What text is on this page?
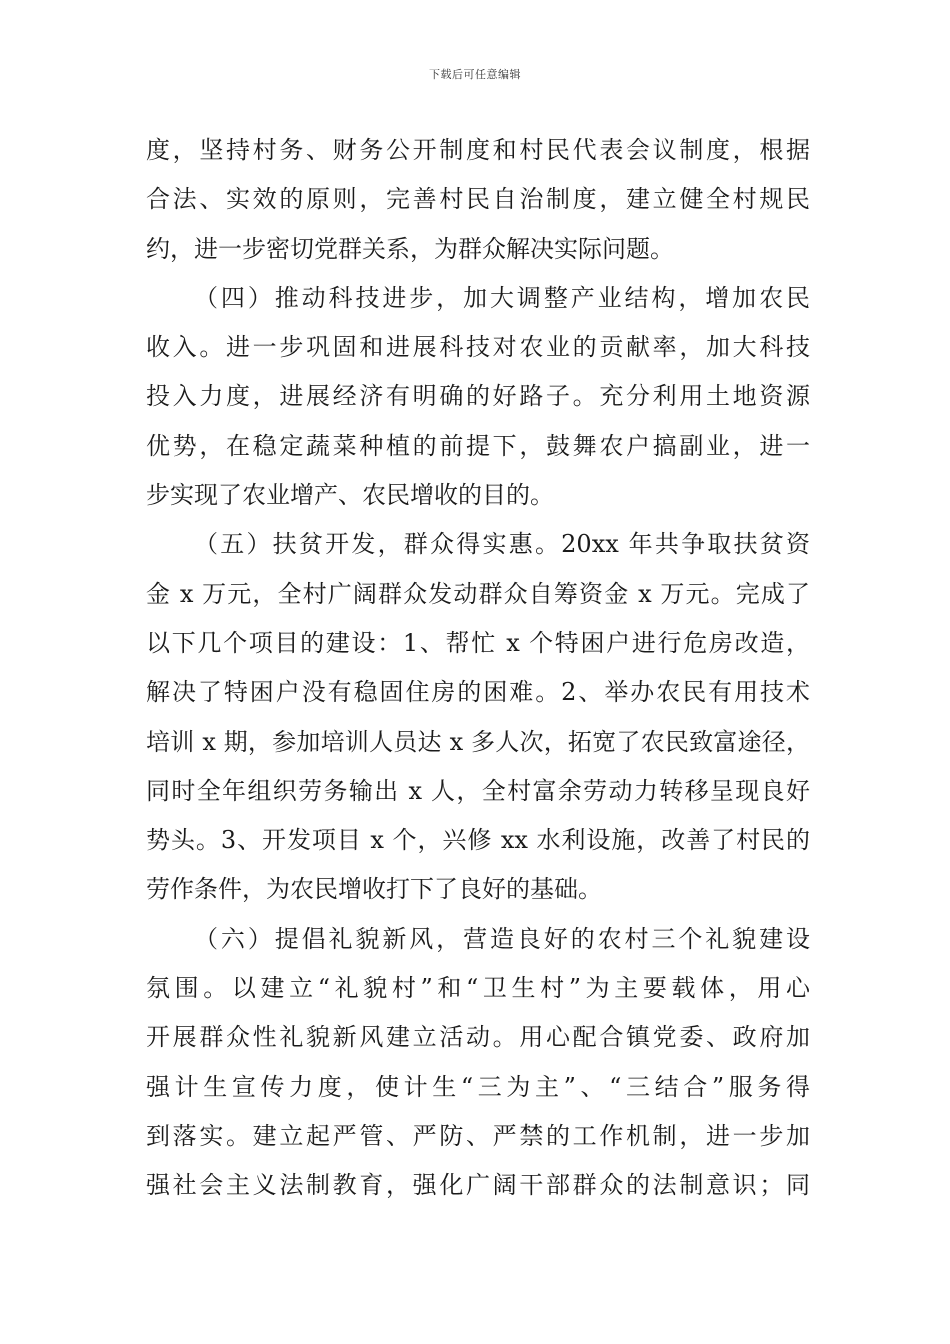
下载后可任意编辑
度，坚持村务、财务公开制度和村民代表会议制度，根据
合法、实效的原则，完善村民自治制度，建立健全村规民
约，进一步密切党群关系，为群众解决实际问题。
（四）推动科技进步，加大调整产业结构，增加农民
收入。进一步巩固和进展科技对农业的贡献率，加大科技
投入力度，进展经济有明确的好路子。充分利用土地资源
优势，在稳定蔬菜种植的前提下，鼓舞农户搞副业，进一
步实现了农业增产、农民增收的目的。
（五）扶贫开发，群众得实惠。20xx 年共争取扶贫资
金 x 万元，全村广阔群众发动群众自筹资金 x 万元。完成了
以下几个项目的建设：1、帮忙 x 个特困户进行危房改造，
解决了特困户没有稳固住房的困难。2、举办农民有用技术
培训 x 期，参加培训人员达 x 多人次，拓宽了农民致富途径，
同时全年组织劳务输出 x 人，全村富余劳动力转移呈现良好
势头。3、开发项目 x 个，兴修 xx 水利设施，改善了村民的
劳作条件，为农民增收打下了良好的基础。
（六）提倡礼貌新风，营造良好的农村三个礼貌建设
氛围。以建立“礼貌村”和“卫生村”为主要载体，用心
开展群众性礼貌新风建立活动。用心配合镇党委、政府加
强计生宣传力度，使计生“三为主”、“三结合”服务得
到落实。建立起严管、严防、严禁的工作机制，进一步加
强社会主义法制教育，强化广阔干部群众的法制意识；同
